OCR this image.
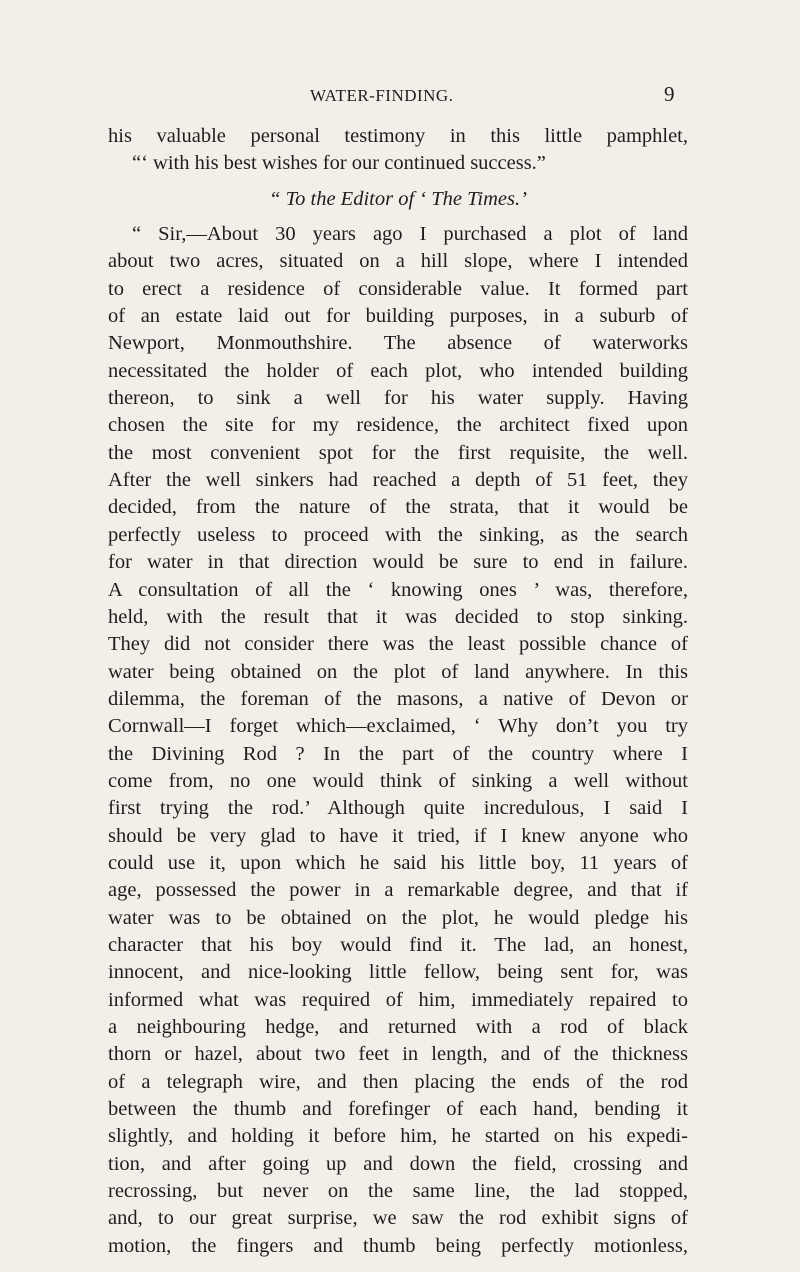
WATER-FINDING.	9
his valuable personal testimony in this little pamphlet,
“‘ with his best wishes for our continued success.”
“ To the Editor of ‘ The Times.’
“ Sir,—About 30 years ago I purchased a plot of land
about two acres, situated on a hill slope, where I intended
to erect a residence of considerable value. It formed part
of an estate laid out for building purposes, in a suburb of
Newport, Monmouthshire. The absence of waterworks
necessitated the holder of each plot, who intended building
thereon, to sink a well for his water supply. Having
chosen the site for my residence, the architect fixed upon
the most convenient spot for the first requisite, the well.
After the well sinkers had reached a depth of 51 feet, they
decided, from the nature of the strata, that it would be
perfectly useless to proceed with the sinking, as the search
for water in that direction would be sure to end in failure.
A consultation of all the ‘ knowing ones ’ was, therefore,
held, with the result that it was decided to stop sinking.
They did not consider there was the least possible chance of
water being obtained on the plot of land anywhere. In this
dilemma, the foreman of the masons, a native of Devon or
Cornwall—I forget which—exclaimed, ‘ Why don’t you try
the Divining Rod ? In the part of the country where I
come from, no one would think of sinking a well without
first trying the rod.’ Although quite incredulous, I said I
should be very glad to have it tried, if I knew anyone who
could use it, upon which he said his little boy, 11 years of
age, possessed the power in a remarkable degree, and that if
water was to be obtained on the plot, he would pledge his
character that his boy would find it. The lad, an honest,
innocent, and nice-looking little fellow, being sent for, was
informed what was required of him, immediately repaired to
a neighbouring hedge, and returned with a rod of black
thorn or hazel, about two feet in length, and of the thickness
of a telegraph wire, and then placing the ends of the rod
between the thumb and forefinger of each hand, bending it
slightly, and holding it before him, he started on his expedi-
tion, and after going up and down the field, crossing and
recrossing, but never on the same line, the lad stopped,
and, to our great surprise, we saw the rod exhibit signs of
motion, the fingers and thumb being perfectly motionless,
